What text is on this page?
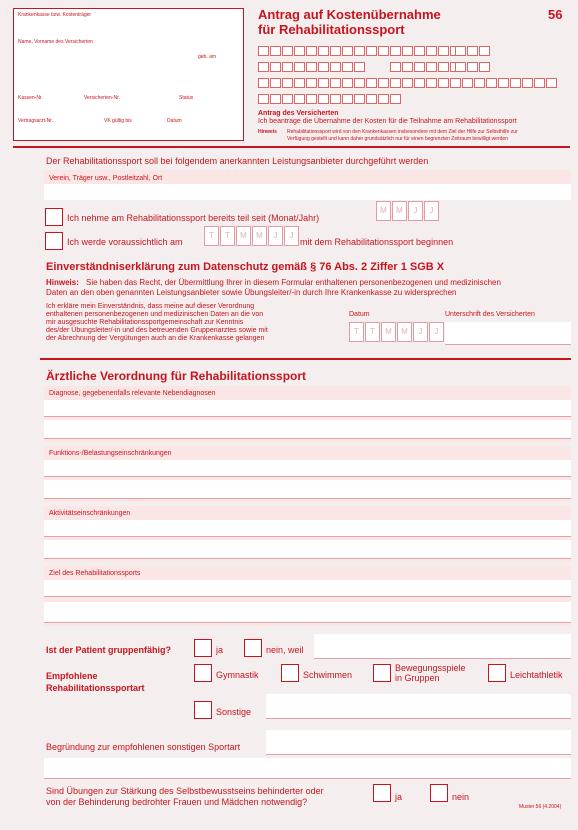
Krankenkasse bzw. Kostenträger
Name, Vorname des Versicherten
geb. am
Kassen-Nr.	Versicherten-Nr.	Status
Vertragsarzt-Nr.	VK gültig bis	Datum
Antrag auf Kostenübernahme
für Rehabilitationssport
56
Antrag des Versicherten
Ich beantrage die Übernahme der Kosten für die Teilnahme am Rehabilitationssport
Hinweis Rehabilitationssport wird von den Krankenkassen insbesondere mit dem Ziel der Hilfe zur Selbsthilfe zur
Verfügung gestellt und kann daher grundsätzlich nur für einen begrenzten Zeitraum bewilligt werden
Der Rehabilitationssport soll bei folgendem anerkannten Leistungsanbieter durchgeführt werden
Verein, Träger usw., Postleitzahl, Ort
Ich nehme am Rehabilitationssport bereits teil seit (Monat/Jahr)
M	M	J	J
Ich werde voraussichtlich am
T	T	M	M	J	J
mit dem Rehabilitationssport beginnen
Einverständniserklärung zum Datenschutz gemäß § 76 Abs. 2 Ziffer 1 SGB X
Hinweis: Sie haben das Recht, der Übermittlung Ihrer in diesem Formular enthaltenen personenbezogenen und medizinischen
Daten an den oben genannten Leistungsanbieter sowie Übungsleiter/-in durch Ihre Krankenkasse zu widersprechen
Ich erkläre mein Einverständnis, dass meine auf dieser Verordnung
enthaltenen personenbezogenen und medizinischen Daten an die von
mir ausgesuchte Rehabilitationssportgemeinschaft zur Kenntnis
des/der Übungsleiter/-in und des betreuenden Gruppenarztes sowie mit
der Abrechnung der Vergütungen auch an die Krankenkasse gelangen
Datum
T	T	M	M	J	J
Unterschrift des Versicherten
Ärztliche Verordnung für Rehabilitationssport
Diagnose, gegebenenfalls relevante Nebendiagnosen
Funktions-/Belastungseinschränkungen
Aktivitätseinschränkungen
Ziel des Rehabilitationssports
Ist der Patient gruppenfähig?	ja	nein, weil
Empfohlene
Rehabilitationssportart
Gymnastik	Schwimmen
Bewegungsspiele
in Gruppen	Leichtathletik
Sonstige
Begründung zur empfohlenen sonstigen Sportart
Sind Übungen zur Stärkung des Selbstbewusstseins behinderter oder
von der Behinderung bedrohter Frauen und Mädchen notwendig?	ja	nein
Muster 56 (4.2004)
